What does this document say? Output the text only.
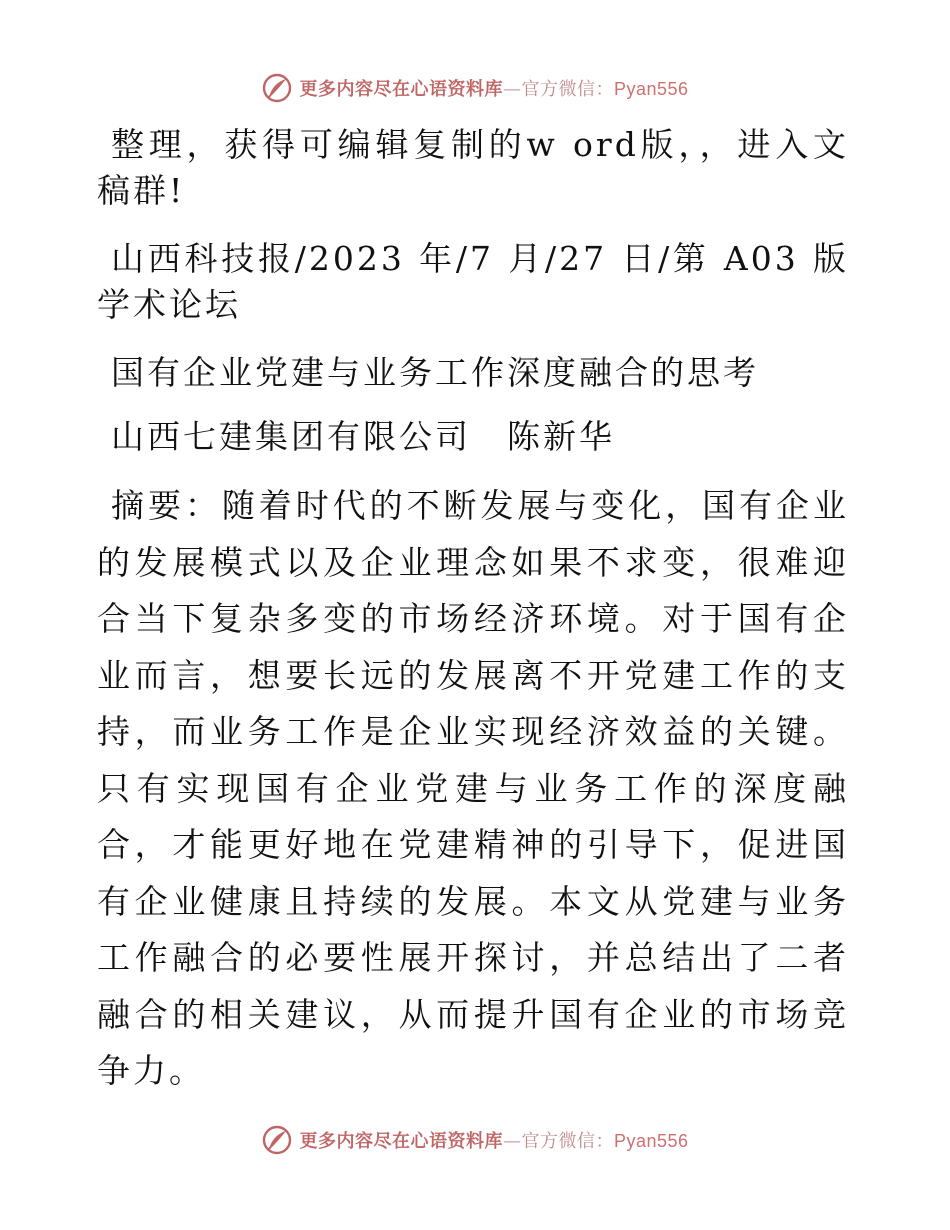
更多内容尽在心语资料库—官方微信：Pyan556

整理，获得可编辑复制的w ord版，，进入文稿群!

山西科技报/2023 年/7 月/27 日/第 A03 版学术论坛

国有企业党建与业务工作深度融合的思考

山西七建集团有限公司　陈新华

摘要：随着时代的不断发展与变化，国有企业的发展模式以及企业理念如果不求变，很难迎合当下复杂多变的市场经济环境。对于国有企业而言，想要长远的发展离不开党建工作的支持，而业务工作是企业实现经济效益的关键。只有实现国有企业党建与业务工作的深度融合，才能更好地在党建精神的引导下，促进国有企业健康且持续的发展。本文从党建与业务工作融合的必要性展开探讨，并总结出了二者融合的相关建议，从而提升国有企业的市场竞争力。

更多内容尽在心语资料库—官方微信：Pyan556
